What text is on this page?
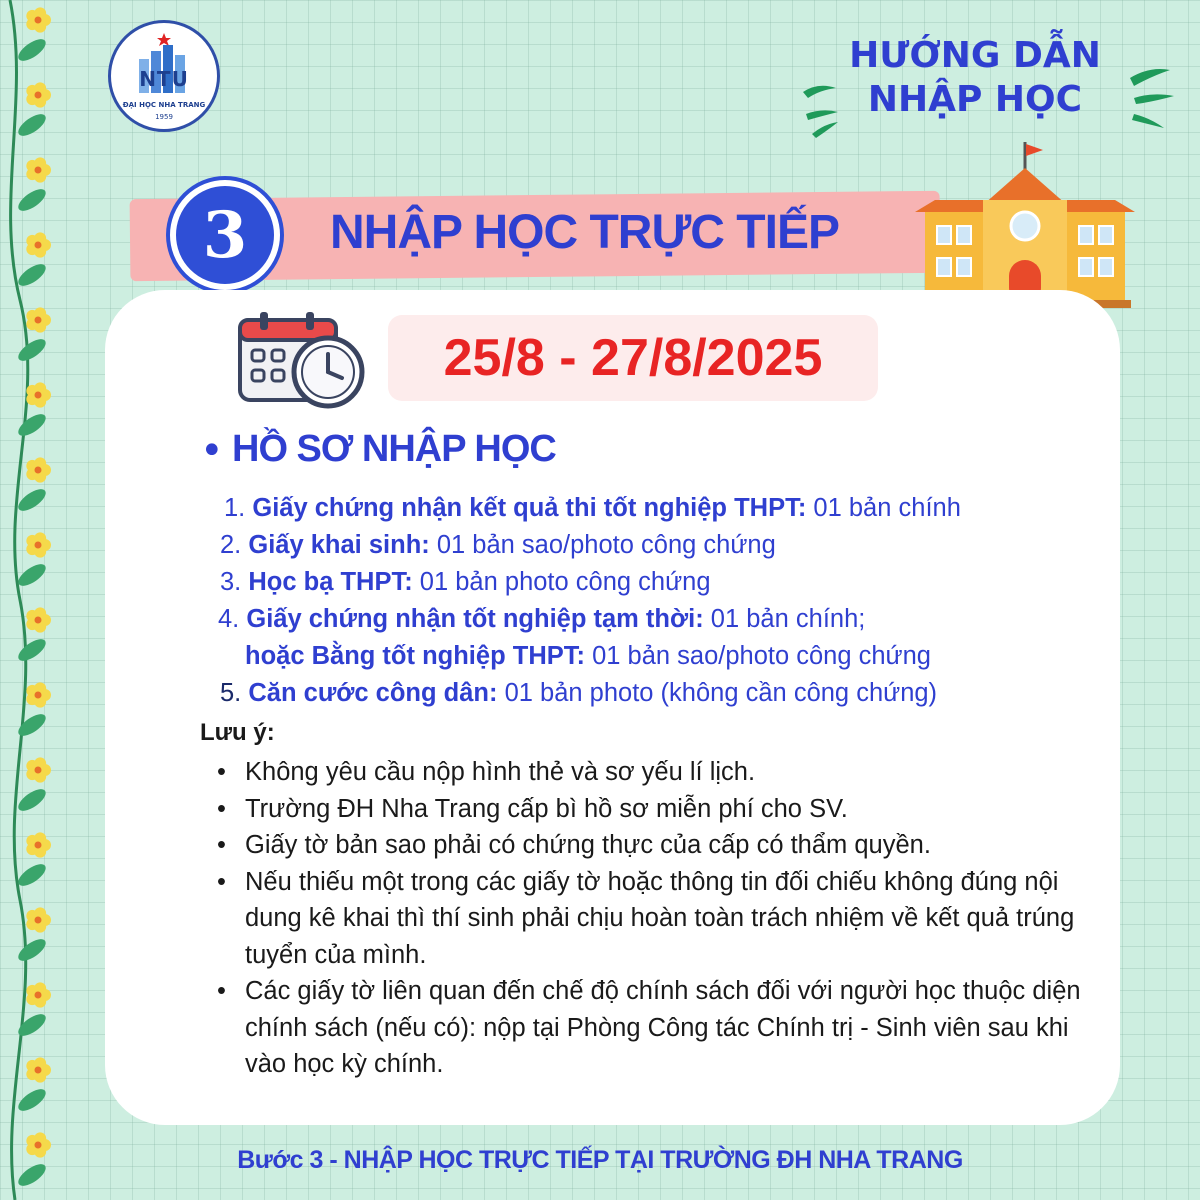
NTU
ĐẠI HỌC NHA TRANG
1959
HƯỚNG DẪN
NHẬP HỌC
3	NHẬP HỌC TRỰC TIẾP
25/8 - 27/8/2025
• HỒ SƠ NHẬP HỌC
1. Giấy chứng nhận kết quả thi tốt nghiệp THPT: 01 bản chính
2. Giấy khai sinh: 01 bản sao/photo công chứng
3. Học bạ THPT: 01 bản photo công chứng
4. Giấy chứng nhận tốt nghiệp tạm thời: 01 bản chính;
hoặc Bằng tốt nghiệp THPT: 01 bản sao/photo công chứng
5. Căn cước công dân: 01 bản photo (không cần công chứng)
Lưu ý:
• Không yêu cầu nộp hình thẻ và sơ yếu lí lịch.
• Trường ĐH Nha Trang cấp bì hồ sơ miễn phí cho SV.
• Giấy tờ bản sao phải có chứng thực của cấp có thẩm quyền.
• Nếu thiếu một trong các giấy tờ hoặc thông tin đối chiếu không đúng nội dung kê khai thì thí sinh phải chịu hoàn toàn trách nhiệm về kết quả trúng tuyển của mình.
• Các giấy tờ liên quan đến chế độ chính sách đối với người học thuộc diện chính sách (nếu có): nộp tại Phòng Công tác Chính trị - Sinh viên sau khi vào học kỳ chính.
Bước 3 - NHẬP HỌC TRỰC TIẾP TẠI TRƯỜNG ĐH NHA TRANG
